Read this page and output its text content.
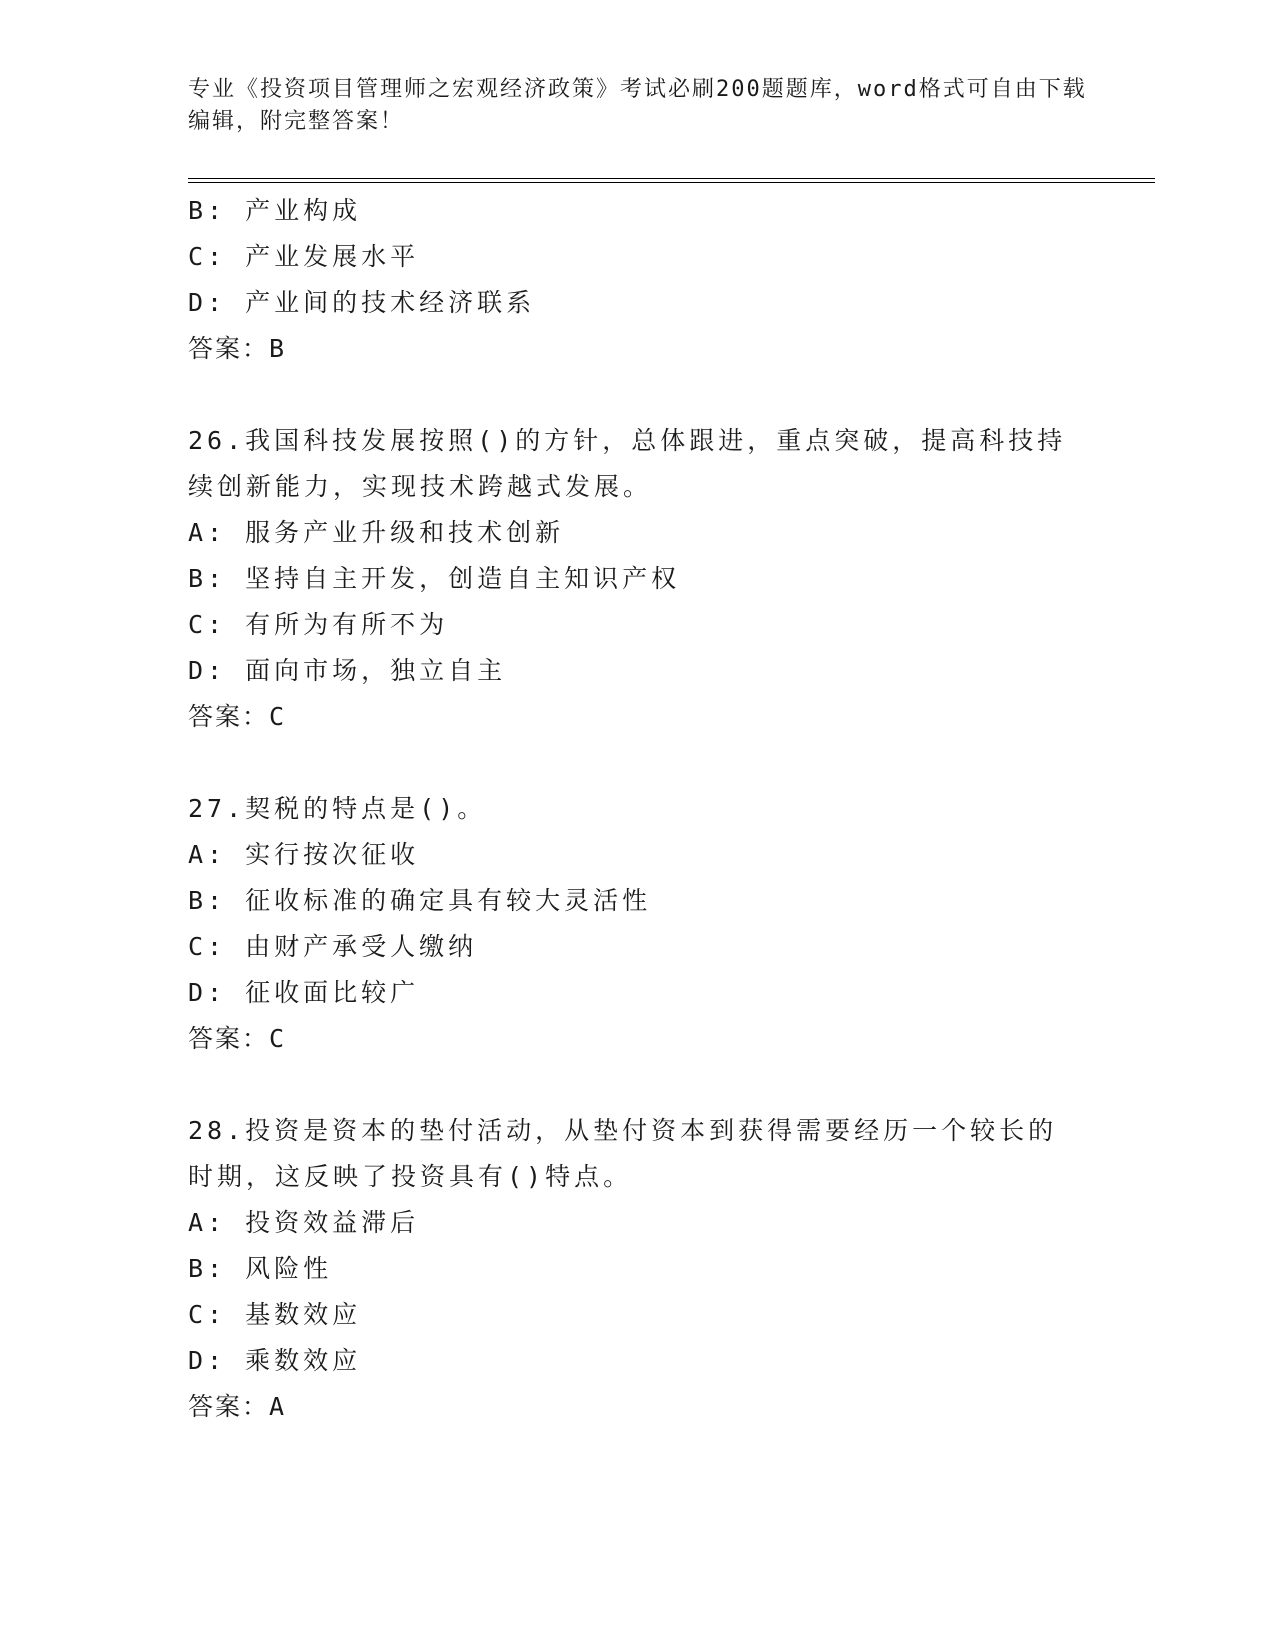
专业《投资项目管理师之宏观经济政策》考试必刷200题题库，word格式可自由下载编辑，附完整答案！
B: 产业构成
C: 产业发展水平
D: 产业间的技术经济联系
答案：B
26.我国科技发展按照()的方针，总体跟进，重点突破，提高科技持续创新能力，实现技术跨越式发展。
A: 服务产业升级和技术创新
B: 坚持自主开发，创造自主知识产权
C: 有所为有所不为
D: 面向市场，独立自主
答案：C
27.契税的特点是()。
A: 实行按次征收
B: 征收标准的确定具有较大灵活性
C: 由财产承受人缴纳
D: 征收面比较广
答案：C
28.投资是资本的垫付活动，从垫付资本到获得需要经历一个较长的时期，这反映了投资具有()特点。
A: 投资效益滞后
B: 风险性
C: 基数效应
D: 乘数效应
答案：A
